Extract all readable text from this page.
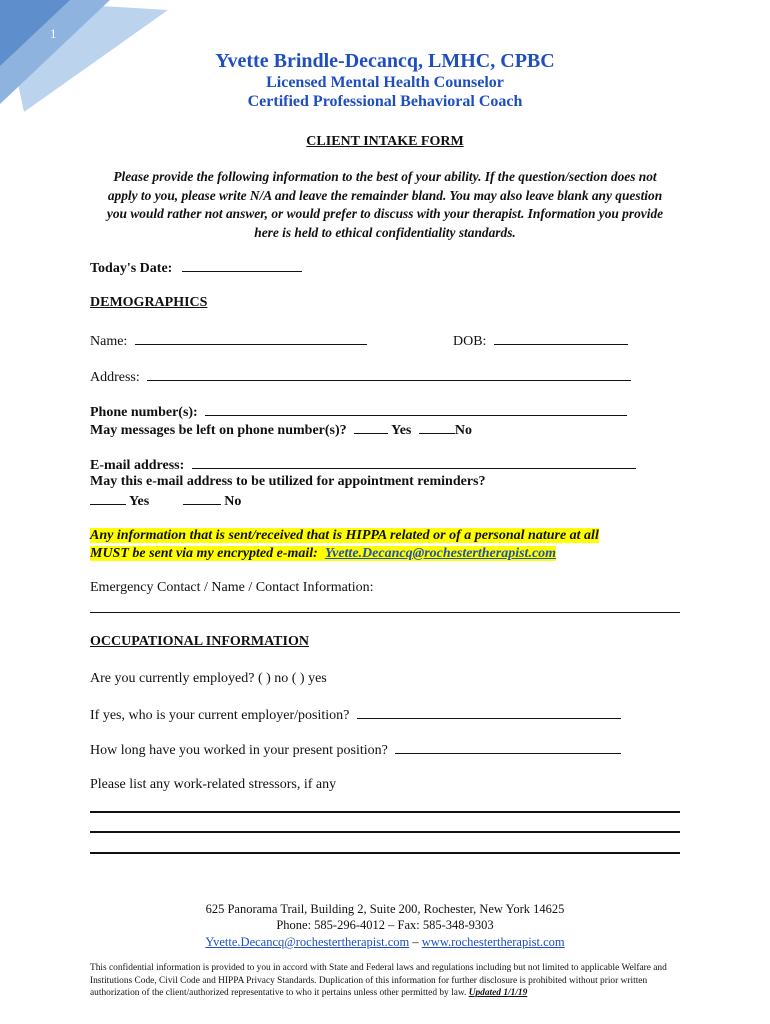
1
Yvette Brindle-Decancq, LMHC, CPBC
Licensed Mental Health Counselor
Certified Professional Behavioral Coach
CLIENT INTAKE FORM
Please provide the following information to the best of your ability. If the question/section does not apply to you, please write N/A and leave the remainder bland. You may also leave blank any question you would rather not answer, or would prefer to discuss with your therapist. Information you provide here is held to ethical confidentiality standards.
Today's Date:
DEMOGRAPHICS
Name:	DOB:
Address:
Phone number(s):
May messages be left on phone number(s)?	Yes	No
E-mail address:
May this e-mail address to be utilized for appointment reminders?
Yes	No
Any information that is sent/received that is HIPPA related or of a personal nature at all
MUST be sent via my encrypted e-mail: Yvette.Decancq@rochestertherapist.com
Emergency Contact / Name / Contact Information:
OCCUPATIONAL INFORMATION
Are you currently employed? ( ) no ( ) yes
If yes, who is your current employer/position?
How long have you worked in your present position?
Please list any work-related stressors, if any
625 Panorama Trail, Building 2, Suite 200, Rochester, New York 14625
Phone: 585-296-4012 – Fax: 585-348-9303
Yvette.Decancq@rochestertherapist.com – www.rochestertherapist.com
This confidential information is provided to you in accord with State and Federal laws and regulations including but not limited to applicable Welfare and Institutions Code, Civil Code and HIPPA Privacy Standards. Duplication of this information for further disclosure is prohibited without prior written authorization of the client/authorized representative to who it pertains unless other permitted by law. Updated 1/1/19
